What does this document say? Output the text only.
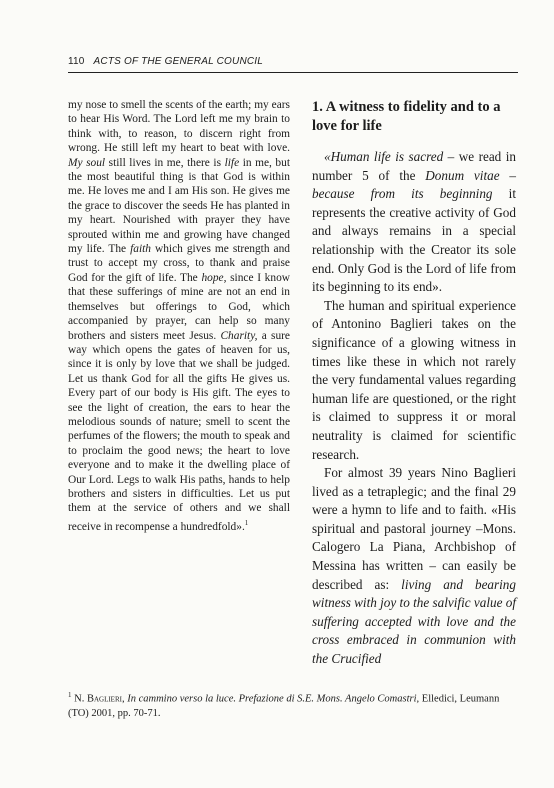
110 ACTS OF THE GENERAL COUNCIL

my nose to smell the scents of the earth; my ears to hear His Word. The Lord left me my brain to think with, to reason, to discern right from wrong. He still left my heart to beat with love. My soul still lives in me, there is life in me, but the most beautiful thing is that God is within me. He loves me and I am His son. He gives me the grace to discover the seeds He has planted in my heart. Nourished with prayer they have sprouted within me and growing have changed my life. The faith which gives me strength and trust to accept my cross, to thank and praise God for the gift of life. The hope, since I know that these sufferings of mine are not an end in themselves but offerings to God, which accompanied by prayer, can help so many brothers and sisters meet Jesus. Charity, a sure way which opens the gates of heaven for us, since it is only by love that we shall be judged. Let us thank God for all the gifts He gives us. Every part of our body is His gift. The eyes to see the light of creation, the ears to hear the melodious sounds of nature; smell to scent the perfumes of the flowers; the mouth to speak and to proclaim the good news; the heart to love everyone and to make it the dwelling place of Our Lord. Legs to walk His paths, hands to help brothers and sisters in difficulties. Let us put them at the service of others and we shall receive in recompense a hundredfold».$^1$

1. A witness to fidelity and to a love for life

«Human life is sacred – we read in number 5 of the Donum vitae – because from its beginning it represents the creative activity of God and always remains in a special relationship with the Creator its sole end. Only God is the Lord of life from its beginning to its end».

The human and spiritual experience of Antonino Baglieri takes on the significance of a glowing witness in times like these in which not rarely the very fundamental values regarding human life are questioned, or the right is claimed to suppress it or moral neutrality is claimed for scientific research.

For almost 39 years Nino Baglieri lived as a tetraplegic; and the final 29 were a hymn to life and to faith. «His spiritual and pastoral journey –Mons. Calogero La Piana, Archbishop of Messina has written – can easily be described as: living and bearing witness with joy to the salvific value of suffering accepted with love and the cross embraced in communion with the Crucified

$^1$ N. Baglieri, In cammino verso la luce. Prefazione di S.E. Mons. Angelo Comastri, Elledici, Leumann (TO) 2001, pp. 70-71.
